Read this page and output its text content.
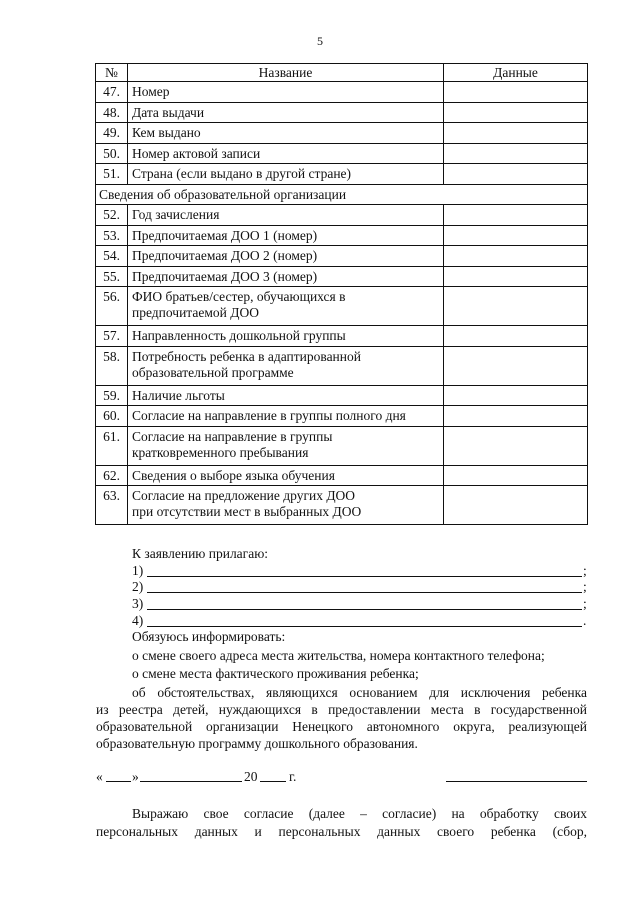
5
№	Название	Данные
47.	Номер	

48.	Дата выдачи	

49.	Кем выдано	

50.	Номер актовой записи	

51.	Страна (если выдано в другой стране)	

Сведения об образовательной организации		
52.	Год зачисления	

53.	Предпочитаемая ДОО 1 (номер)	

54.	Предпочитаемая ДОО 2 (номер)	

55.	Предпочитаемая ДОО 3 (номер)	

56.	ФИО братьев/сестер, обучающихся в
предпочитаемой ДОО	

57.	Направленность дошкольной группы	

58.	Потребность ребенка в адаптированной
образовательной программе	

59.	Наличие льготы	

60.	Согласие на направление в группы полного дня	

61.	Согласие на направление в группы
кратковременного пребывания	

62.	Сведения о выборе языка обучения	

63.	Согласие на предложение других ДОО
при отсутствии мест в выбранных ДОО	

К заявлению прилагаю:
1)	;
2)	;
3)	;
4)	.
Обязуюсь информировать:
о смене своего адреса места жительства, номера контактного телефона;
о смене места фактического проживания ребенка;
об обстоятельствах, являющихся основанием для исключения ребенка
из реестра детей, нуждающихся в предоставлении места в государственной
образовательной организации Ненецкого автономного округа, реализующей
образовательную программу дошкольного образования.
« »	20 г.
Выражаю свое согласие (далее – согласие) на обработку своих
персональных данных и персональных данных своего ребенка (сбор,
